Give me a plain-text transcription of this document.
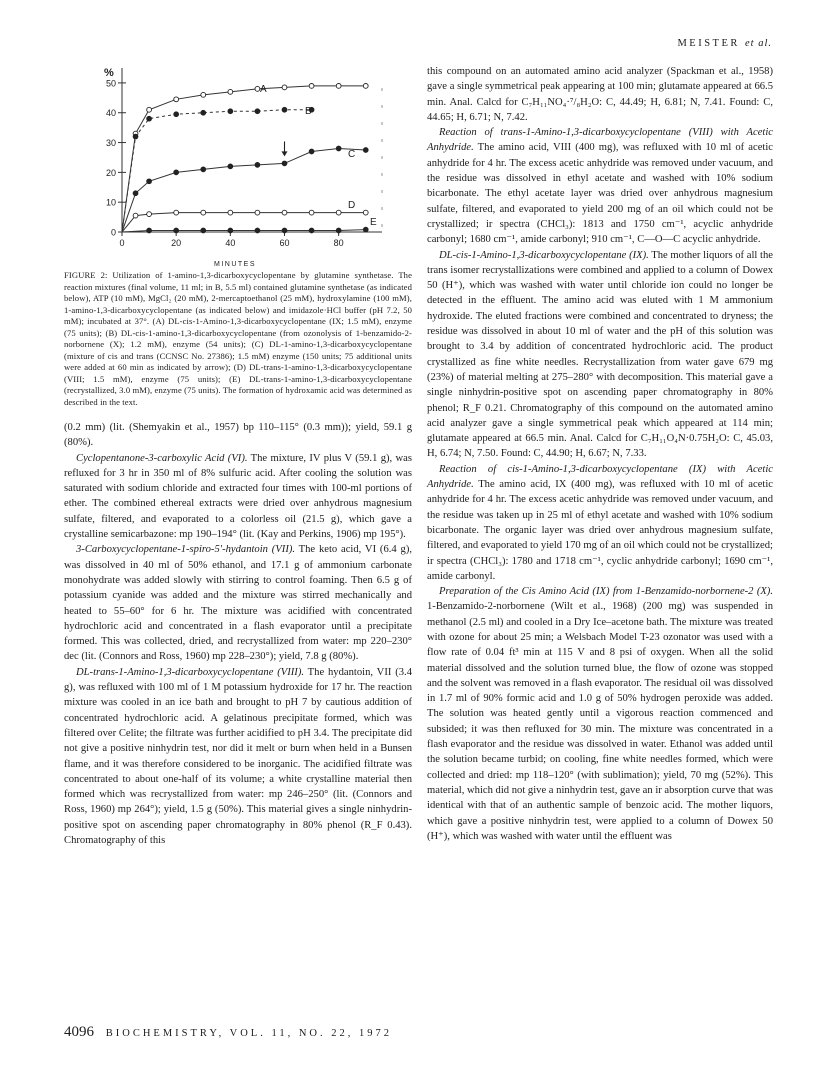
MEISTER et al.
50
40
30
20
10
0
0	20	40	60	80
%
MINUTES
A
B
C
D
E

FIGURE 2: Utilization of 1-amino-1,3-dicarboxycyclopentane by glutamine synthetase. The reaction mixtures (final volume, 11 ml; in B, 5.5 ml) contained glutamine synthetase (as indicated below), ATP (10 mM), MgCl₂ (20 mM), 2-mercaptoethanol (25 mM), hydroxylamine (100 mM), 1-amino-1,3-dicarboxycyclopentane (as indicated below) and imidazole·HCl buffer (pH 7.2, 50 mM); incubated at 37°. (A) DL-cis-1-Amino-1,3-dicarboxycyclopentane (IX; 1.5 mM), enzyme (75 units); (B) DL-cis-1-amino-1,3-dicarboxycyclopentane (from ozonolysis of 1-benzamido-2-norbornene (X); 1.2 mM), enzyme (54 units); (C) DL-1-amino-1,3-dicarboxycyclopentane (mixture of cis and trans (CCNSC No. 27386); 1.5 mM) enzyme (150 units; 75 additional units were added at 60 min as indicated by arrow); (D) DL-trans-1-amino-1,3-dicarboxycyclopentane (VIII; 1.5 mM), enzyme (75 units); (E) DL-trans-1-amino-1,3-dicarboxycyclopentane (recrystallized, 3.0 mM), enzyme (75 units). The formation of hydroxamic acid was determined as described in the text.

(0.2 mm) (lit. (Shemyakin et al., 1957) bp 110–115° (0.3 mm)); yield, 59.1 g (80%).

Cyclopentanone-3-carboxylic Acid (VI). The mixture, IV plus V (59.1 g), was refluxed for 3 hr in 350 ml of 8% sulfuric acid. After cooling the solution was saturated with sodium chloride and extracted four times with 100-ml portions of ether. The combined ethereal extracts were dried over anhydrous magnesium sulfate, filtered, and evaporated to a colorless oil (21.5 g), which gave a crystalline semicarbazone: mp 190–194° (lit. (Kay and Perkins, 1906) mp 195°).

3-Carboxycyclopentane-1-spiro-5′-hydantoin (VII). The keto acid, VI (6.4 g), was dissolved in 40 ml of 50% ethanol, and 17.1 g of ammonium carbonate monohydrate was added slowly with stirring to control foaming. Then 6.5 g of potassium cyanide was added and the mixture was stirred mechanically and heated to 55–60° for 6 hr. The mixture was acidified with concentrated hydrochloric acid and concentrated in a flash evaporator until a precipitate formed. This was collected, dried, and recrystallized from water: mp 220–230° dec (lit. (Connors and Ross, 1960) mp 228–230°); yield, 7.8 g (80%).

DL-trans-1-Amino-1,3-dicarboxycyclopentane (VIII). The hydantoin, VII (3.4 g), was refluxed with 100 ml of 1 M potassium hydroxide for 17 hr. The reaction mixture was cooled in an ice bath and brought to pH 7 by cautious addition of concentrated hydrochloric acid. A gelatinous precipitate formed, which was filtered over Celite; the filtrate was further acidified to pH 3.4. The precipitate did not give a positive ninhydrin test, nor did it melt or burn when held in a Bunsen flame, and it was therefore considered to be inorganic. The acidified filtrate was concentrated to about one-half of its volume; a white crystalline material then formed which was recrystallized from water: mp 246–250° (lit. (Connors and Ross, 1960) mp 264°); yield, 1.5 g (50%). This material gives a single ninhydrin-positive spot on ascending paper chromatography in 80% phenol (R_F 0.43). Chromatography of this

this compound on an automated amino acid analyzer (Spackman et al., 1958) gave a single symmetrical peak appearing at 100 min; glutamate appeared at 66.5 min. Anal. Calcd for C₇H₁₁NO₄·⁷/₈H₂O: C, 44.49; H, 6.81; N, 7.41. Found: C, 44.65; H, 6.71; N, 7.42.

Reaction of trans-1-Amino-1,3-dicarboxycyclopentane (VIII) with Acetic Anhydride. The amino acid, VIII (400 mg), was refluxed with 10 ml of acetic anhydride for 4 hr. The excess acetic anhydride was removed under vacuum, and the residue was dissolved in ethyl acetate and washed with 10% sodium bicarbonate. The ethyl acetate layer was dried over anhydrous magnesium sulfate, filtered, and evaporated to yield 200 mg of an oil which could not be crystallized; ir spectra (CHCl₃): 1813 and 1750 cm⁻¹, acyclic anhydride carbonyl; 1680 cm⁻¹, amide carbonyl; 910 cm⁻¹, C—O—C acyclic anhydride.

DL-cis-1-Amino-1,3-dicarboxycyclopentane (IX). The mother liquors of all the trans isomer recrystallizations were combined and applied to a column of Dowex 50 (H⁺), which was washed with water until chloride ion could no longer be detected in the effluent. The amino acid was eluted with 1 M ammonium hydroxide. The eluted fractions were combined and concentrated to dryness; the residue was dissolved in about 10 ml of water and the pH of this solution was brought to 3.4 by addition of concentrated hydrochloric acid. The product crystallized as fine white needles. Recrystallization from water gave 679 mg (23%) of material melting at 275–280° with decomposition. This material gave a single ninhydrin-positive spot on ascending paper chromatography in 80% phenol; R_F 0.21. Chromatography of this compound on the automated amino acid analyzer gave a single symmetrical peak which appeared at 114 min; glutamate appeared at 66.5 min. Anal. Calcd for C₇H₁₁O₄N·0.75H₂O: C, 45.03, H, 6.74; N, 7.50. Found: C, 44.90; H, 6.67; N, 7.33.

Reaction of cis-1-Amino-1,3-dicarboxycyclopentane (IX) with Acetic Anhydride. The amino acid, IX (400 mg), was refluxed with 10 ml of acetic anhydride for 4 hr. The excess acetic anhydride was removed under vacuum, and the residue was taken up in 25 ml of ethyl acetate and washed with 10% sodium bicarbonate. The organic layer was dried over anhydrous magnesium sulfate, filtered, and evaporated to yield 170 mg of an oil which could not be crystallized; ir spectra (CHCl₃): 1780 and 1718 cm⁻¹, cyclic anhydride carbonyl; 1690 cm⁻¹, amide carbonyl.

Preparation of the Cis Amino Acid (IX) from 1-Benzamido-norbornene-2 (X). 1-Benzamido-2-norbornene (Wilt et al., 1968) (200 mg) was suspended in methanol (2.5 ml) and cooled in a Dry Ice–acetone bath. The mixture was treated with ozone for about 25 min; a Welsbach Model T-23 ozonator was used with a flow rate of 0.04 ft³ min at 115 V and 8 psi of oxygen. When all the solid material dissolved and the solution turned blue, the flow of ozone was stopped and the solvent was removed in a flash evaporator. The residual oil was dissolved in 1.7 ml of 90% formic acid and 1.0 g of 50% hydrogen peroxide was added. The solution was heated gently until a vigorous reaction commenced and subsided; it was then refluxed for 30 min. The mixture was concentrated in a flash evaporator and the residue was dissolved in water. Ethanol was added until the solution became turbid; on cooling, fine white needles formed, which were collected and dried: mp 118–120° (with sublimation); yield, 70 mg (52%). This material, which did not give a ninhydrin test, gave an ir absorption curve that was identical with that of an authentic sample of benzoic acid. The mother liquors, which gave a positive ninhydrin test, were applied to a column of Dowex 50 (H⁺), which was washed with water until the effluent was

4096 BIOCHEMISTRY, VOL. 11, NO. 22, 1972
